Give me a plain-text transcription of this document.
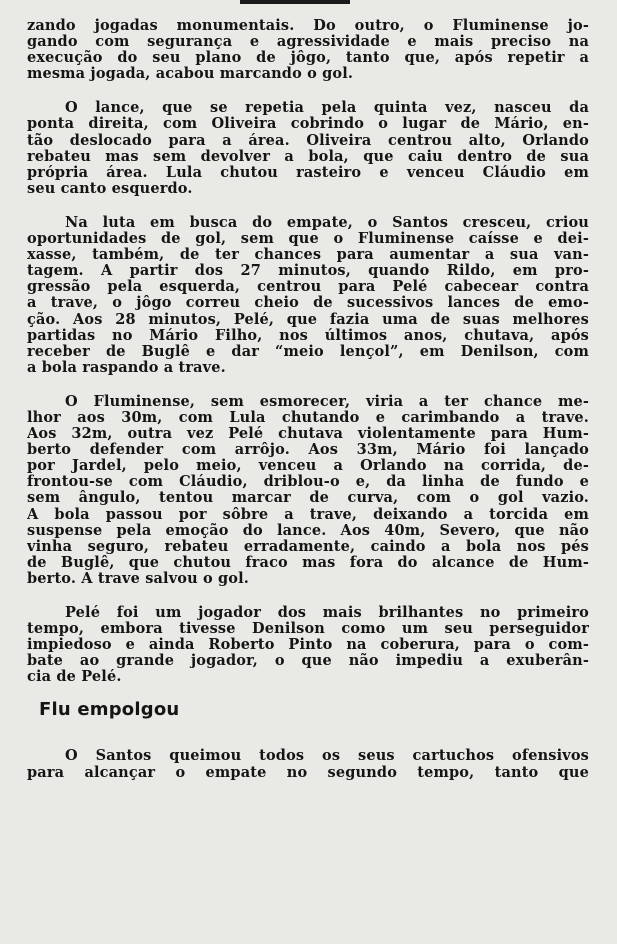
zando jogadas monumentais. Do outro, o Fluminense jo-
gando com segurança e agressividade e mais preciso na
execução do seu plano de jôgo, tanto que, após repetir a
mesma jogada, acabou marcando o gol.
O lance, que se repetia pela quinta vez, nasceu da
ponta direita, com Oliveira cobrindo o lugar de Mário, en-
tão deslocado para a área. Oliveira centrou alto, Orlando
rebateu mas sem devolver a bola, que caiu dentro de sua
própria área. Lula chutou rasteiro e venceu Cláudio em
seu canto esquerdo.
Na luta em busca do empate, o Santos cresceu, criou
oportunidades de gol, sem que o Fluminense caísse e dei-
xasse, também, de ter chances para aumentar a sua van-
tagem. A partir dos 27 minutos, quando Rildo, em pro-
gressão pela esquerda, centrou para Pelé cabecear contra
a trave, o jôgo correu cheio de sucessivos lances de emo-
ção. Aos 28 minutos, Pelé, que fazia uma de suas melhores
partidas no Mário Filho, nos últimos anos, chutava, após
receber de Buglê e dar “meio lençol”, em Denilson, com
a bola raspando a trave.
O Fluminense, sem esmorecer, viria a ter chance me-
lhor aos 30m, com Lula chutando e carimbando a trave.
Aos 32m, outra vez Pelé chutava violentamente para Hum-
berto defender com arrôjo. Aos 33m, Mário foi lançado
por Jardel, pelo meio, venceu a Orlando na corrida, de-
frontou-se com Cláudio, driblou-o e, da linha de fundo e
sem ângulo, tentou marcar de curva, com o gol vazio.
A bola passou por sôbre a trave, deixando a torcida em
suspense pela emoção do lance. Aos 40m, Severo, que não
vinha seguro, rebateu erradamente, caindo a bola nos pés
de Buglê, que chutou fraco mas fora do alcance de Hum-
berto. A trave salvou o gol.
Pelé foi um jogador dos mais brilhantes no primeiro
tempo, embora tivesse Denilson como um seu perseguidor
impiedoso e ainda Roberto Pinto na coberura, para o com-
bate ao grande jogador, o que não impediu a exuberân-
cia de Pelé.
Flu empolgou
O Santos queimou todos os seus cartuchos ofensivos
para alcançar o empate no segundo tempo, tanto que
